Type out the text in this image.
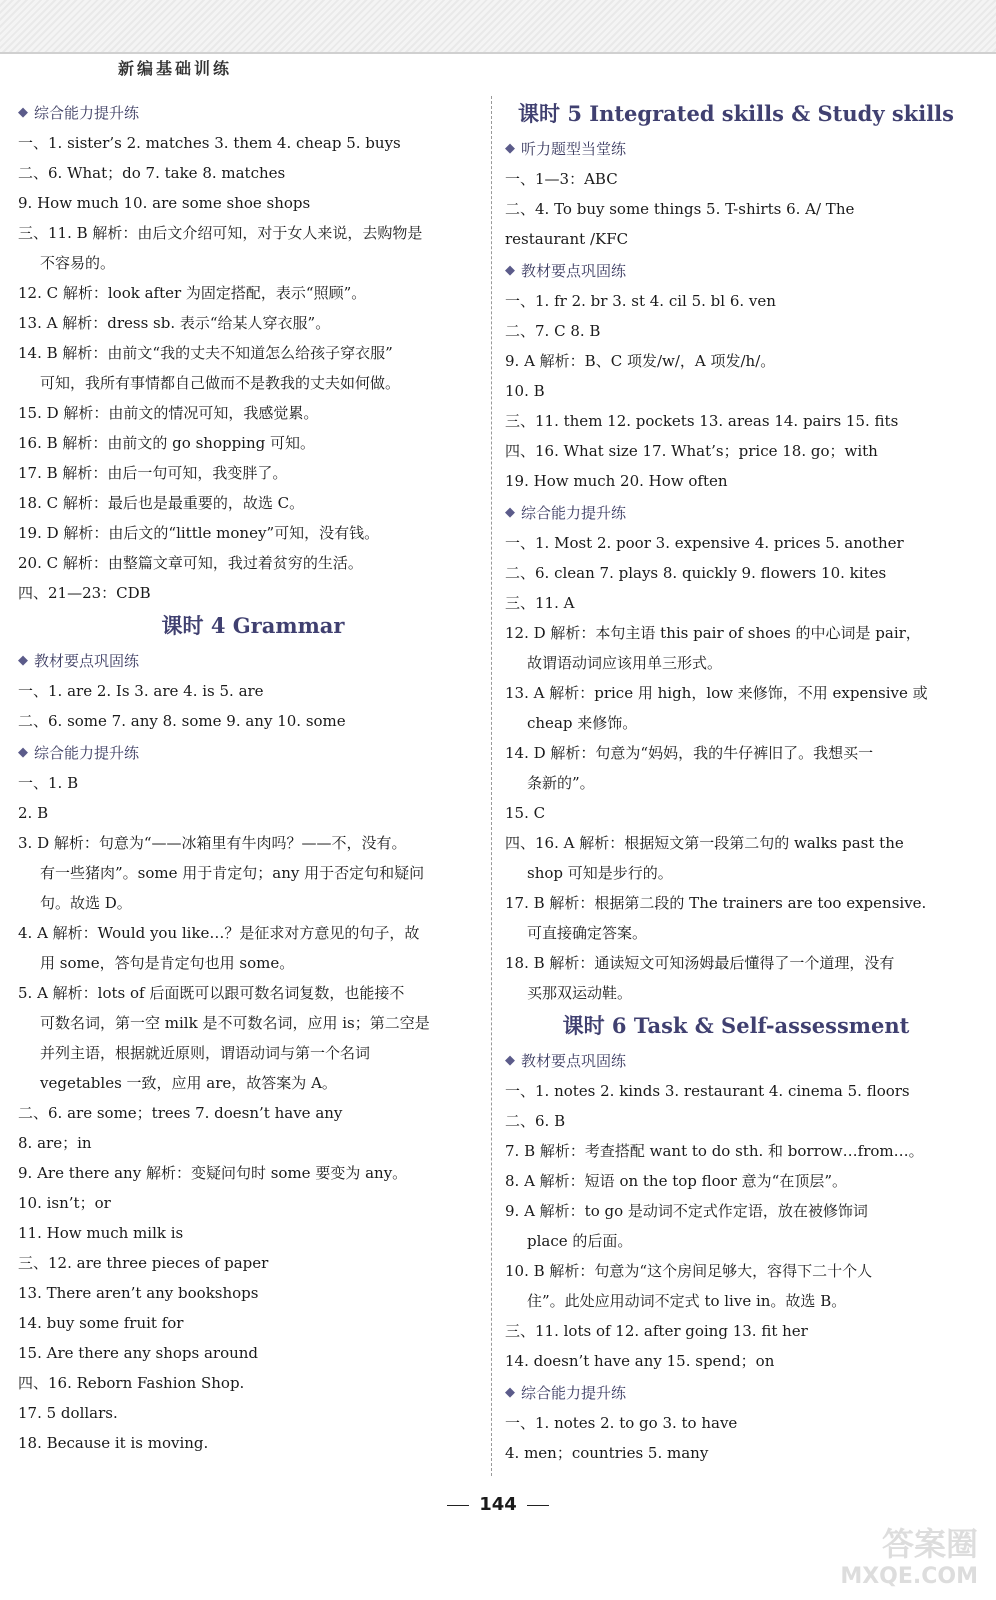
新编基础训练
◆ 综合能力提升练
一、1. sister’s 2. matches 3. them 4. cheap 5. buys
二、6. What；do 7. take 8. matches
9. How much 10. are some shoe shops
三、11. B 解析：由后文介绍可知，对于女人来说，去购物是
不容易的。
12. C 解析：look after 为固定搭配，表示“照顾”。
13. A 解析：dress sb. 表示“给某人穿衣服”。
14. B 解析：由前文“我的丈夫不知道怎么给孩子穿衣服”
可知，我所有事情都自己做而不是教我的丈夫如何做。
15. D 解析：由前文的情况可知，我感觉累。
16. B 解析：由前文的 go shopping 可知。
17. B 解析：由后一句可知，我变胖了。
18. C 解析：最后也是最重要的，故选 C。
19. D 解析：由后文的“little money”可知，没有钱。
20. C 解析：由整篇文章可知，我过着贫穷的生活。
四、21—23：CDB
课时 4 Grammar
◆ 教材要点巩固练
一、1. are 2. Is 3. are 4. is 5. are
二、6. some 7. any 8. some 9. any 10. some
◆ 综合能力提升练
一、1. B
2. B
3. D 解析：句意为“——冰箱里有牛肉吗？——不，没有。
有一些猪肉”。some 用于肯定句；any 用于否定句和疑问
句。故选 D。
4. A 解析：Would you like…？是征求对方意见的句子，故
用 some，答句是肯定句也用 some。
5. A 解析：lots of 后面既可以跟可数名词复数，也能接不
可数名词，第一空 milk 是不可数名词，应用 is；第二空是
并列主语，根据就近原则，谓语动词与第一个名词
vegetables 一致，应用 are，故答案为 A。
二、6. are some；trees 7. doesn’t have any
8. are；in
9. Are there any 解析：变疑问句时 some 要变为 any。
10. isn’t；or
11. How much milk is
三、12. are three pieces of paper
13. There aren’t any bookshops
14. buy some fruit for
15. Are there any shops around
四、16. Reborn Fashion Shop.
17. 5 dollars.
18. Because it is moving.
课时 5 Integrated skills & Study skills
◆ 听力题型当堂练
一、1—3：ABC
二、4. To buy some things 5. T-shirts 6. A/ The
restaurant /KFC
◆ 教材要点巩固练
一、1. fr 2. br 3. st 4. cil 5. bl 6. ven
二、7. C 8. B
9. A 解析：B、C 项发/w/，A 项发/h/。
10. B
三、11. them 12. pockets 13. areas 14. pairs 15. fits
四、16. What size 17. What’s；price 18. go；with
19. How much 20. How often
◆ 综合能力提升练
一、1. Most 2. poor 3. expensive 4. prices 5. another
二、6. clean 7. plays 8. quickly 9. flowers 10. kites
三、11. A
12. D 解析：本句主语 this pair of shoes 的中心词是 pair，
故谓语动词应该用单三形式。
13. A 解析：price 用 high，low 来修饰，不用 expensive 或
cheap 来修饰。
14. D 解析：句意为“妈妈，我的牛仔裤旧了。我想买一
条新的”。
15. C
四、16. A 解析：根据短文第一段第二句的 walks past the
shop 可知是步行的。
17. B 解析：根据第二段的 The trainers are too expensive.
可直接确定答案。
18. B 解析：通读短文可知汤姆最后懂得了一个道理，没有
买那双运动鞋。
课时 6 Task & Self-assessment
◆ 教材要点巩固练
一、1. notes 2. kinds 3. restaurant 4. cinema 5. floors
二、6. B
7. B 解析：考查搭配 want to do sth. 和 borrow…from…。
8. A 解析：短语 on the top floor 意为“在顶层”。
9. A 解析：to go 是动词不定式作定语，放在被修饰词
place 的后面。
10. B 解析：句意为“这个房间足够大，容得下二十个人
住”。此处应用动词不定式 to live in。故选 B。
三、11. lots of 12. after going 13. fit her
14. doesn’t have any 15. spend；on
◆ 综合能力提升练
一、1. notes 2. to go 3. to have
4. men；countries 5. many
144
答案圈
MXQE.COM
